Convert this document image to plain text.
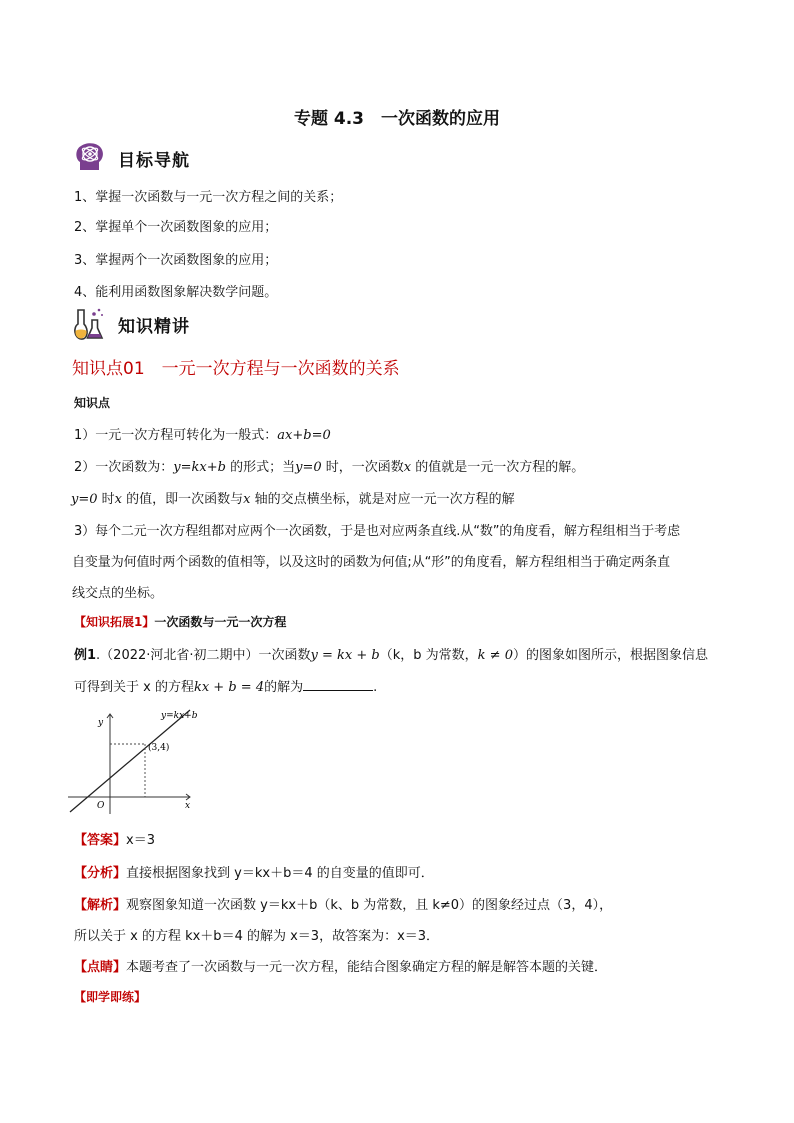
专题 4.3　一次函数的应用
目标导航
1、掌握一次函数与一元一次方程之间的关系；
2、掌握单个一次函数图象的应用；
3、掌握两个一次函数图象的应用；
4、能利用函数图象解决数学问题。
知识精讲
知识点01　一元一次方程与一次函数的关系
知识点
1）一元一次方程可转化为一般式：ax+b=0
2）一次函数为：y=kx+b 的形式；当y=0 时，一次函数x 的值就是一元一次方程的解。
y=0 时x 的值，即一次函数与x 轴的交点横坐标，就是对应一元一次方程的解
3）每个二元一次方程组都对应两个一次函数，于是也对应两条直线.从“数”的角度看，解方程组相当于考虑
自变量为何值时两个函数的值相等，以及这时的函数为何值;从“形”的角度看，解方程组相当于确定两条直
线交点的坐标。
【知识拓展1】一次函数与一元一次方程
例1.（2022·河北省·初二期中）一次函数y = kx + b（k，b 为常数，k ≠ 0）的图象如图所示，根据图象信息
可得到关于 x 的方程kx + b = 4的解为	.
y=kx+b
(3,4)
x
y
O
【答案】x＝3
【分析】直接根据图象找到 y＝kx＋b＝4 的自变量的值即可．
【解析】观察图象知道一次函数 y＝kx＋b（k、b 为常数，且 k≠0）的图象经过点（3，4），
所以关于 x 的方程 kx＋b＝4 的解为 x＝3，故答案为：x＝3．
【点睛】本题考查了一次函数与一元一次方程，能结合图象确定方程的解是解答本题的关键．
【即学即练】
